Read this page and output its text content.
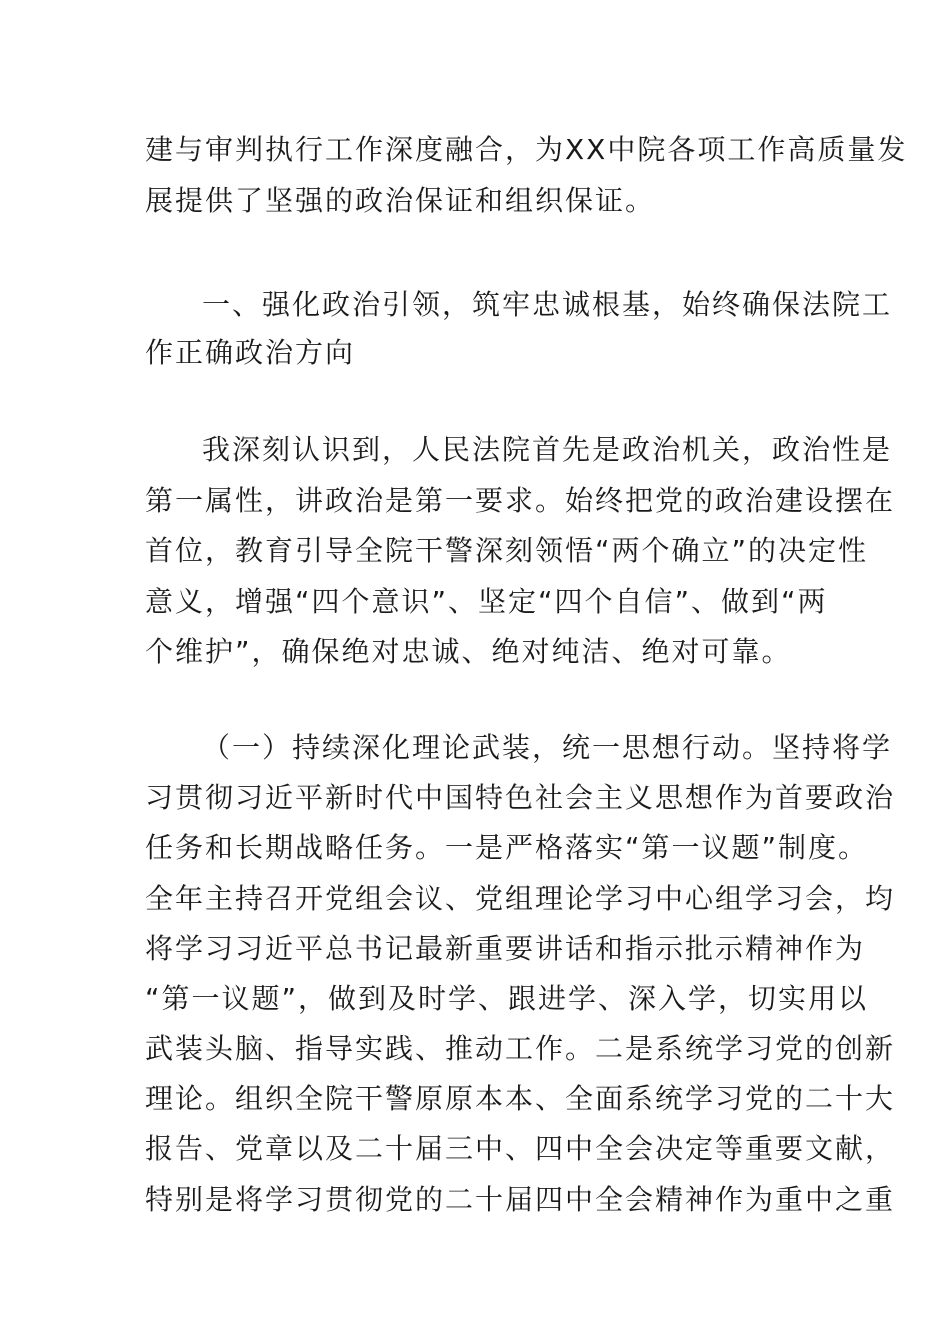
建与审判执行工作深度融合，为XX中院各项工作高质量发
展提供了坚强的政治保证和组织保证。
一、强化政治引领，筑牢忠诚根基，始终确保法院工
作正确政治方向
我深刻认识到，人民法院首先是政治机关，政治性是
第一属性，讲政治是第一要求。始终把党的政治建设摆在
首位，教育引导全院干警深刻领悟“两个确立”的决定性
意义，增强“四个意识”、坚定“四个自信”、做到“两
个维护”，确保绝对忠诚、绝对纯洁、绝对可靠。
（一）持续深化理论武装，统一思想行动。坚持将学
习贯彻习近平新时代中国特色社会主义思想作为首要政治
任务和长期战略任务。一是严格落实“第一议题”制度。
全年主持召开党组会议、党组理论学习中心组学习会，均
将学习习近平总书记最新重要讲话和指示批示精神作为
“第一议题”，做到及时学、跟进学、深入学，切实用以
武装头脑、指导实践、推动工作。二是系统学习党的创新
理论。组织全院干警原原本本、全面系统学习党的二十大
报告、党章以及二十届三中、四中全会决定等重要文献，
特别是将学习贯彻党的二十届四中全会精神作为重中之重
